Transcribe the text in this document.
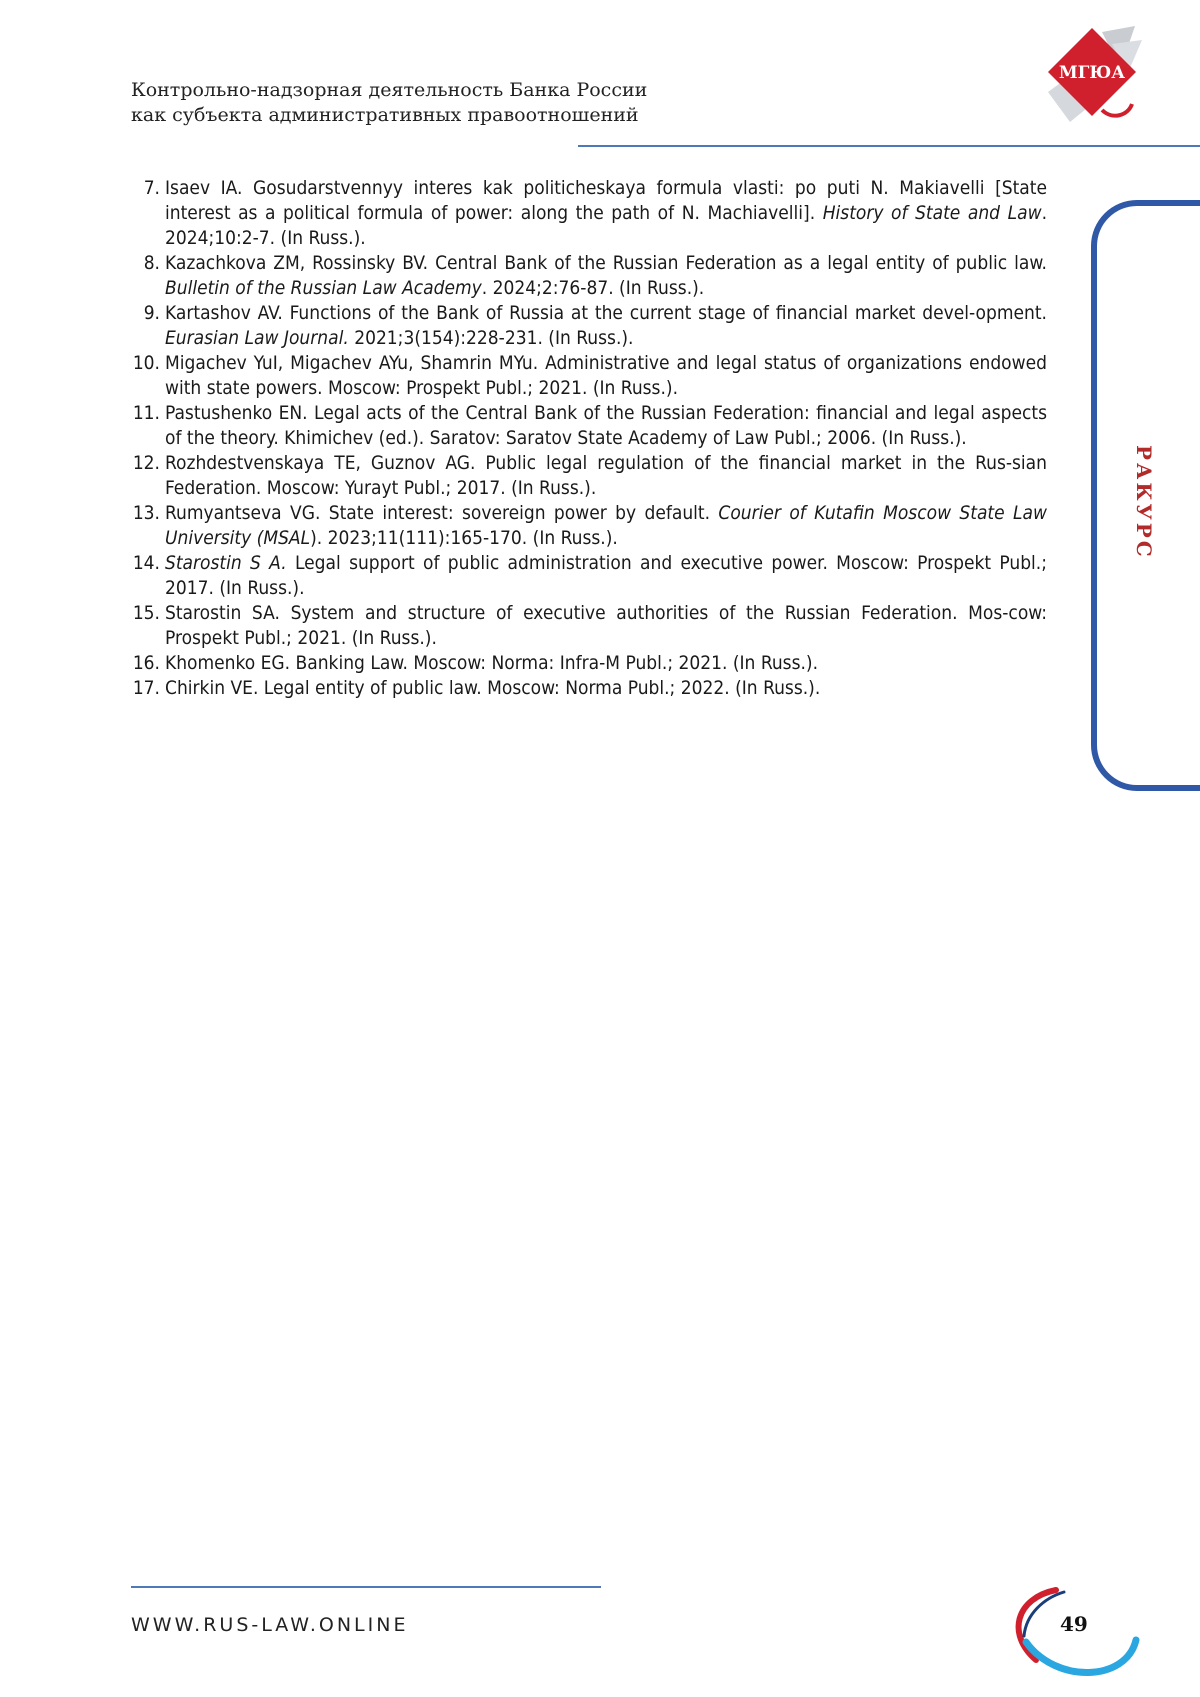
Контрольно-надзорная деятельность Банка России
как субъекта административных правоотношений
МГЮА
РАКУРС
7. Isaev IA. Gosudarstvennyy interes kak politicheskaya formula vlasti: po puti N. Makiavelli [State interest as a political formula of power: along the path of N. Machiavelli]. History of State and Law. 2024;10:2-7. (In Russ.).
8. Kazachkova ZM, Rossinsky BV. Central Bank of the Russian Federation as a legal entity of public law. Bulletin of the Russian Law Academy. 2024;2:76-87. (In Russ.).
9. Kartashov AV. Functions of the Bank of Russia at the current stage of financial market devel-opment. Eurasian Law Journal. 2021;3(154):228-231. (In Russ.).
10. Migachev YuI, Migachev AYu, Shamrin MYu. Administrative and legal status of organizations endowed with state powers. Moscow: Prospekt Publ.; 2021. (In Russ.).
11. Pastushenko EN. Legal acts of the Central Bank of the Russian Federation: financial and legal aspects of the theory. Khimichev (ed.). Saratov: Saratov State Academy of Law Publ.; 2006. (In Russ.).
12. Rozhdestvenskaya TE, Guznov AG. Public legal regulation of the financial market in the Rus-sian Federation. Moscow: Yurayt Publ.; 2017. (In Russ.).
13. Rumyantseva VG. State interest: sovereign power by default. Courier of Kutafin Moscow State Law University (MSAL). 2023;11(111):165-170. (In Russ.).
14. Starostin S A. Legal support of public administration and executive power. Moscow: Prospekt Publ.; 2017. (In Russ.).
15. Starostin SA. System and structure of executive authorities of the Russian Federation. Mos-cow: Prospekt Publ.; 2021. (In Russ.).
16. Khomenko EG. Banking Law. Moscow: Norma: Infra-M Publ.; 2021. (In Russ.).
17. Chirkin VE. Legal entity of public law. Moscow: Norma Publ.; 2022. (In Russ.).
WWW.RUS-LAW.ONLINE	49
